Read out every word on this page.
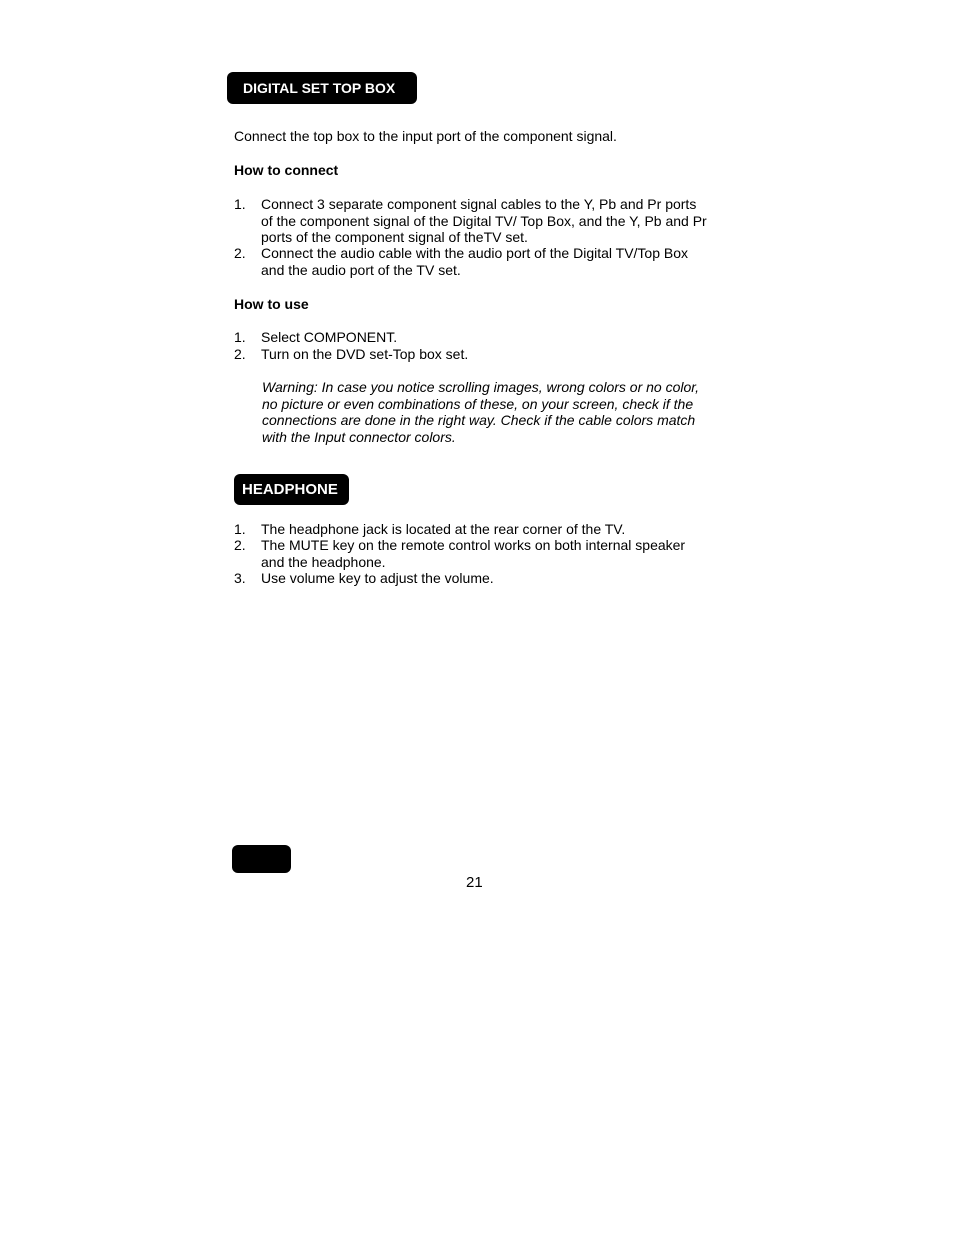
DIGITAL SET TOP BOX
Connect the top box to the input port of the component signal.
How to connect
1.	Connect 3 separate component signal cables to the Y, Pb and Pr ports
of the component signal of the Digital TV/ Top Box, and the Y, Pb and Pr
ports of the component signal of theTV set.
2.	Connect the audio cable with the audio port of the Digital TV/Top Box
and the audio port of the TV set.
How to use
1.	Select COMPONENT.
2.	Turn on the DVD set-Top box set.
Warning: In case you notice scrolling images, wrong colors or no color,
no picture or even combinations of these, on your screen, check if the
connections are done in the right way. Check if the cable colors match
with the Input connector colors.
HEADPHONE
1.	The headphone jack is located at the rear corner of the TV.
2.	The MUTE key on the remote control works on both internal speaker
and the headphone.
3.	Use volume key to adjust the volume.
21
